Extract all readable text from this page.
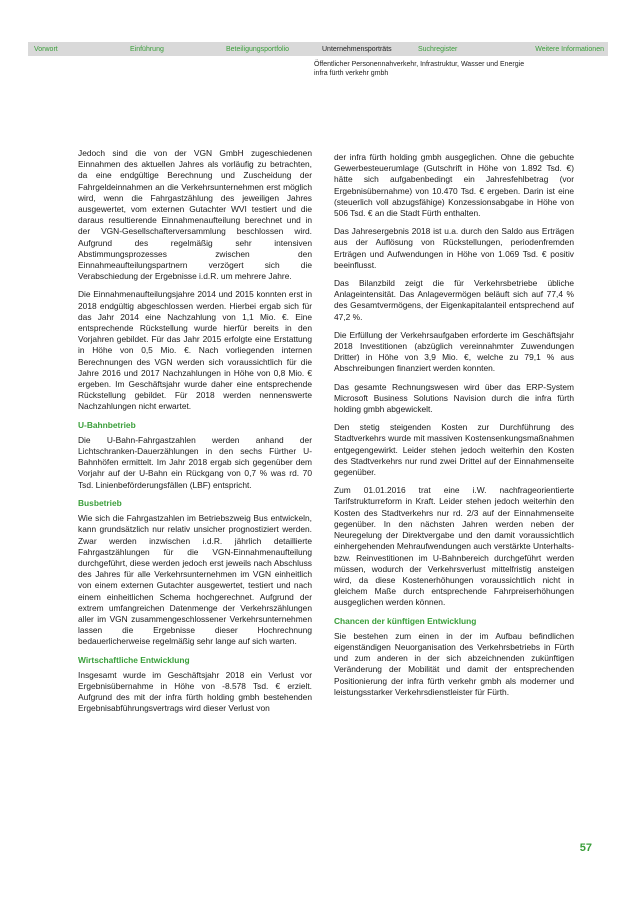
Vorwort	Einführung	Beteiligungsportfolio	Unternehmensporträts	Suchregister	Weitere Informationen
Öffentlicher Personennahverkehr, Infrastruktur, Wasser und Energie
infra fürth verkehr gmbh

Jedoch sind die von der VGN GmbH zugeschiedenen Einnahmen des aktuellen Jahres als vorläufig zu betrachten, da eine endgültige Berechnung und Zuscheidung der Fahrgeldeinnahmen an die Verkehrsunternehmen erst möglich wird, wenn die Fahrgastzählung des jeweiligen Jahres ausgewertet, vom externen Gutachter WVI testiert und die daraus resultierende Einnahmenaufteilung berechnet und in der VGN-Gesellschafterversammlung beschlossen wird. Aufgrund des regelmäßig sehr intensiven Abstimmungsprozesses zwischen den Einnahmeaufteilungspartnern verzögert sich die Verabschiedung der Ergebnisse i.d.R. um mehrere Jahre.

Die Einnahmenaufteilungsjahre 2014 und 2015 konnten erst in 2018 endgültig abgeschlossen werden. Hierbei ergab sich für das Jahr 2014 eine Nachzahlung von 1,1 Mio. €. Eine entsprechende Rückstellung wurde hierfür bereits in den Vorjahren gebildet. Für das Jahr 2015 erfolgte eine Erstattung in Höhe von 0,5 Mio. €. Nach vorliegenden internen Berechnungen des VGN werden sich voraussichtlich für die Jahre 2016 und 2017 Nachzahlungen in Höhe von 0,8 Mio. € ergeben. Im Geschäftsjahr wurde daher eine entsprechende Rückstellung gebildet. Für 2018 werden nennenswerte Nachzahlungen nicht erwartet.

U-Bahnbetrieb

Die U-Bahn-Fahrgastzahlen werden anhand der Lichtschranken-Dauerzählungen in den sechs Fürther U-Bahnhöfen ermittelt. Im Jahr 2018 ergab sich gegenüber dem Vorjahr auf der U-Bahn ein Rückgang von 0,7 % was rd. 70 Tsd. Linienbeförderungsfällen (LBF) entspricht.

Busbetrieb

Wie sich die Fahrgastzahlen im Betriebszweig Bus entwickeln, kann grundsätzlich nur relativ unsicher prognostiziert werden. Zwar werden inzwischen i.d.R. jährlich detaillierte Fahrgastzählungen für die VGN-Einnahmenaufteilung durchgeführt, diese werden jedoch erst jeweils nach Abschluss des Jahres für alle Verkehrsunternehmen im VGN einheitlich von einem externen Gutachter ausgewertet, testiert und nach einem einheitlichen Schema hochgerechnet. Aufgrund der extrem umfangreichen Datenmenge der Verkehrszählungen aller im VGN zusammengeschlossener Verkehrsunternehmen lassen die Ergebnisse dieser Hochrechnung bedauerlicherweise regelmäßig sehr lange auf sich warten.

Wirtschaftliche Entwicklung

Insgesamt wurde im Geschäftsjahr 2018 ein Verlust vor Ergebnisübernahme in Höhe von -8.578 Tsd. € erzielt. Aufgrund des mit der infra fürth holding gmbh bestehenden Ergebnisabführungsvertrags wird dieser Verlust von

der infra fürth holding gmbh ausgeglichen. Ohne die gebuchte Gewerbesteuerumlage (Gutschrift in Höhe von 1.892 Tsd. €) hätte sich aufgabenbedingt ein Jahresfehlbetrag (vor Ergebnisübernahme) von 10.470 Tsd. € ergeben. Darin ist eine (steuerlich voll abzugsfähige) Konzessionsabgabe in Höhe von 506 Tsd. € an die Stadt Fürth enthalten.

Das Jahresergebnis 2018 ist u.a. durch den Saldo aus Erträgen aus der Auflösung von Rückstellungen, periodenfremden Erträgen und Aufwendungen in Höhe von 1.069 Tsd. € positiv beeinflusst.

Das Bilanzbild zeigt die für Verkehrsbetriebe übliche Anlageintensität. Das Anlagevermögen beläuft sich auf 77,4 % des Gesamtvermögens, der Eigenkapitalanteil entsprechend auf 47,2 %.

Die Erfüllung der Verkehrsaufgaben erforderte im Geschäftsjahr 2018 Investitionen (abzüglich vereinnahmter Zuwendungen Dritter) in Höhe von 3,9 Mio. €, welche zu 79,1 % aus Abschreibungen finanziert werden konnten.

Das gesamte Rechnungswesen wird über das ERP-System Microsoft Business Solutions Navision durch die infra fürth holding gmbh abgewickelt.

Den stetig steigenden Kosten zur Durchführung des Stadtverkehrs wurde mit massiven Kostensenkungsmaßnahmen entgegengewirkt. Leider stehen jedoch weiterhin den Kosten des Stadtverkehrs nur rund zwei Drittel auf der Einnahmenseite gegenüber.

Zum 01.01.2016 trat eine i.W. nachfrageorientierte Tarifstrukturreform in Kraft. Leider stehen jedoch weiterhin den Kosten des Stadtverkehrs nur rd. 2/3 auf der Einnahmenseite gegenüber. In den nächsten Jahren werden neben der Neuregelung der Direktvergabe und den damit voraussichtlich einhergehenden Mehraufwendungen auch verstärkte Unterhalts- bzw. Reinvestitionen im U-Bahnbereich durchgeführt werden müssen, wodurch der Verkehrsverlust mittelfristig ansteigen wird, da diese Kostenerhöhungen voraussichtlich nicht in gleichem Maße durch entsprechende Fahrpreiserhöhungen ausgeglichen werden können.

Chancen der künftigen Entwicklung

Sie bestehen zum einen in der im Aufbau befindlichen eigenständigen Neuorganisation des Verkehrsbetriebs in Fürth und zum anderen in der sich abzeichnenden zukünftigen Veränderung der Mobilität und damit der entsprechenden Positionierung der infra fürth verkehr gmbh als moderner und leistungsstarker Verkehrsdienstleister für Fürth.

57
